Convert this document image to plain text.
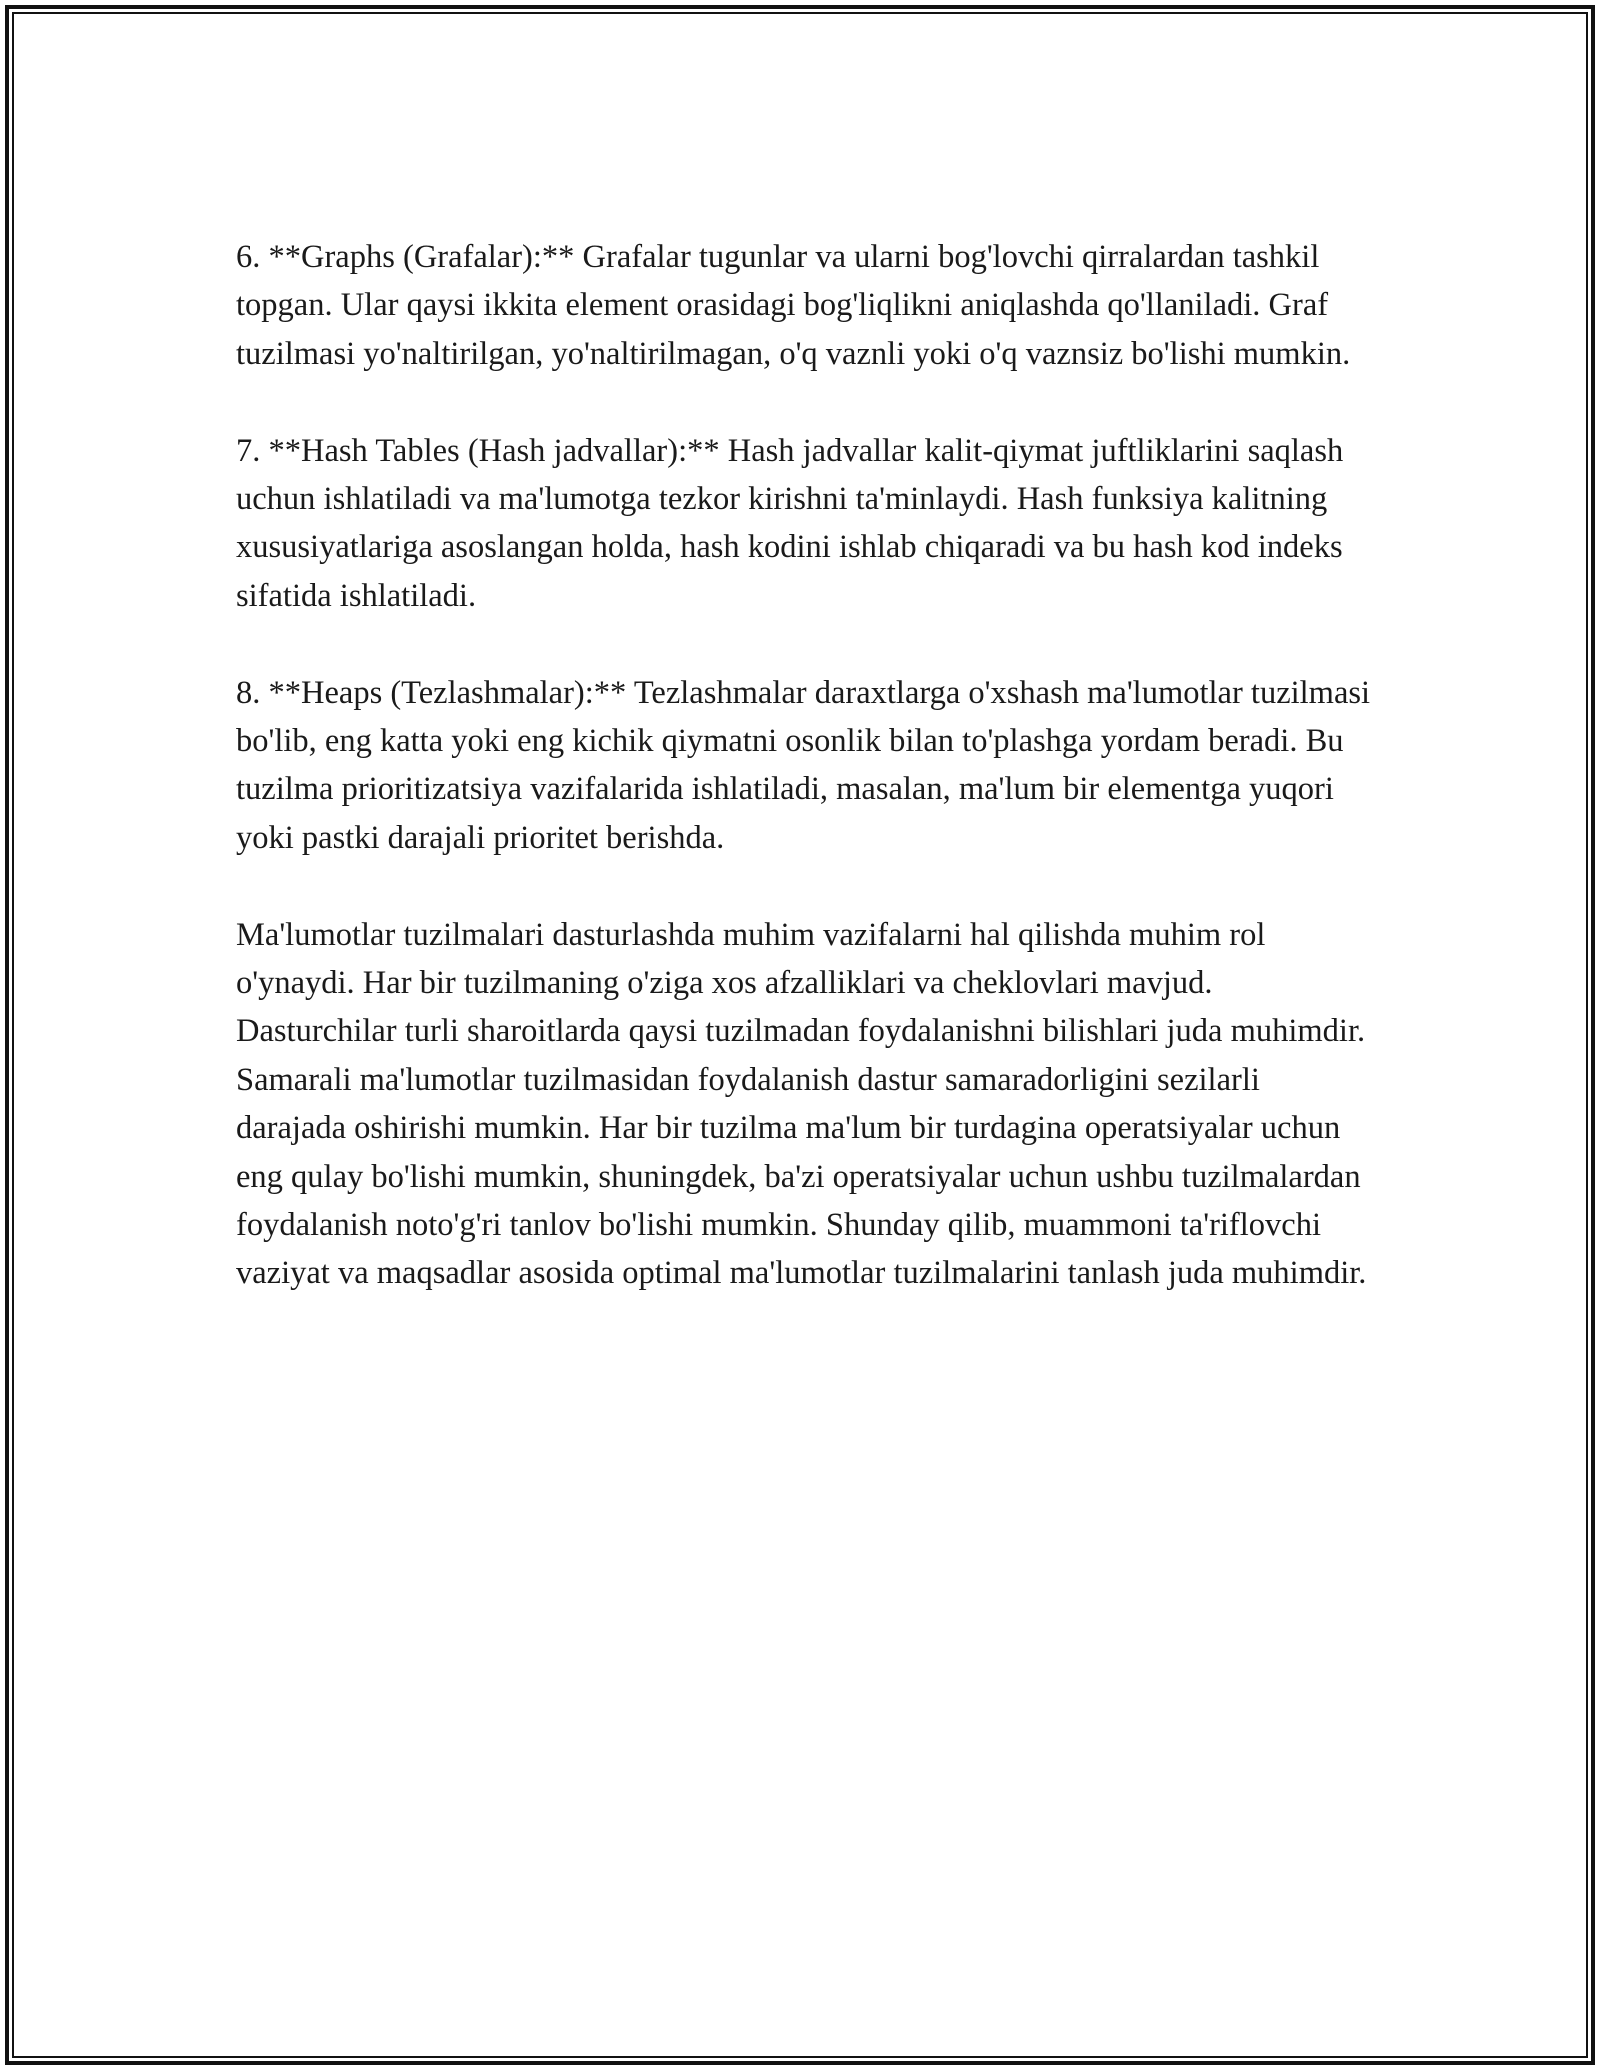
6. **Graphs (Grafalar):** Grafalar tugunlar va ularni bog'lovchi qirralardan tashkil topgan. Ular qaysi ikkita element orasidagi bog'liqlikni aniqlashda qo'llaniladi. Graf tuzilmasi yo'naltirilgan, yo'naltirilmagan, o'q vaznli yoki o'q vaznsiz bo'lishi mumkin.

7. **Hash Tables (Hash jadvallar):** Hash jadvallar kalit-qiymat juftliklarini saqlash uchun ishlatiladi va ma'lumotga tezkor kirishni ta'minlaydi. Hash funksiya kalitning xususiyatlariga asoslangan holda, hash kodini ishlab chiqaradi va bu hash kod indeks sifatida ishlatiladi.

8. **Heaps (Tezlashmalar):** Tezlashmalar daraxtlarga o'xshash ma'lumotlar tuzilmasi bo'lib, eng katta yoki eng kichik qiymatni osonlik bilan to'plashga yordam beradi. Bu tuzilma prioritizatsiya vazifalarida ishlatiladi, masalan, ma'lum bir elementga yuqori yoki pastki darajali prioritet berishda.

Ma'lumotlar tuzilmalari dasturlashda muhim vazifalarni hal qilishda muhim rol o'ynaydi. Har bir tuzilmaning o'ziga xos afzalliklari va cheklovlari mavjud. Dasturchilar turli sharoitlarda qaysi tuzilmadan foydalanishni bilishlari juda muhimdir. Samarali ma'lumotlar tuzilmasidan foydalanish dastur samaradorligini sezilarli darajada oshirishi mumkin. Har bir tuzilma ma'lum bir turdagina operatsiyalar uchun eng qulay bo'lishi mumkin, shuningdek, ba'zi operatsiyalar uchun ushbu tuzilmalardan foydalanish noto'g'ri tanlov bo'lishi mumkin. Shunday qilib, muammoni ta'riflovchi vaziyat va maqsadlar asosida optimal ma'lumotlar tuzilmalarini tanlash juda muhimdir.
